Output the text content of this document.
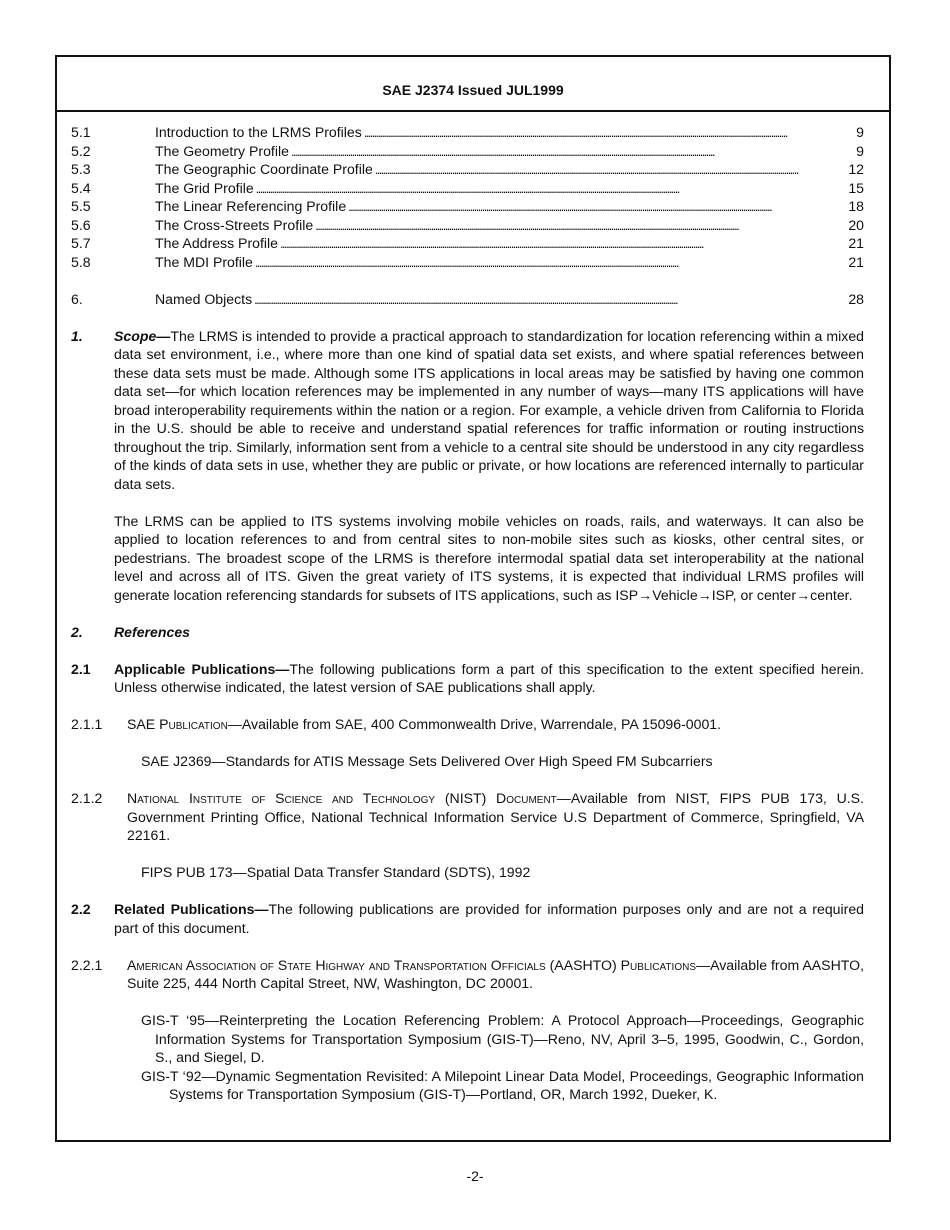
SAE J2374 Issued JUL1999
5.1	Introduction to the LRMS Profiles . . .	9
5.2	The Geometry Profile . . .	9
5.3	The Geographic Coordinate Profile . . .	12
5.4	The Grid Profile . . .	15
5.5	The Linear Referencing Profile . . .	18
5.6	The Cross-Streets Profile . . .	20
5.7	The Address Profile . . .	21
5.8	The MDI Profile . . .	21
6.	Named Objects . . .	28
1.	Scope—The LRMS is intended to provide a practical approach to standardization for location referencing within a mixed data set environment, i.e., where more than one kind of spatial data set exists, and where spatial references between these data sets must be made. Although some ITS applications in local areas may be satisfied by having one common data set—for which location references may be implemented in any number of ways—many ITS applications will have broad interoperability requirements within the nation or a region. For example, a vehicle driven from California to Florida in the U.S. should be able to receive and understand spatial references for traffic information or routing instructions throughout the trip. Similarly, information sent from a vehicle to a central site should be understood in any city regardless of the kinds of data sets in use, whether they are public or private, or how locations are referenced internally to particular data sets.
The LRMS can be applied to ITS systems involving mobile vehicles on roads, rails, and waterways. It can also be applied to location references to and from central sites to non-mobile sites such as kiosks, other central sites, or pedestrians. The broadest scope of the LRMS is therefore intermodal spatial data set interoperability at the national level and across all of ITS. Given the great variety of ITS systems, it is expected that individual LRMS profiles will generate location referencing standards for subsets of ITS applications, such as ISP→Vehicle→ISP, or center→center.
2.	References
2.1	Applicable Publications—The following publications form a part of this specification to the extent specified herein. Unless otherwise indicated, the latest version of SAE publications shall apply.
2.1.1	SAE Publication—Available from SAE, 400 Commonwealth Drive, Warrendale, PA 15096-0001.
SAE J2369—Standards for ATIS Message Sets Delivered Over High Speed FM Subcarriers
2.1.2	National Institute of Science and Technology (NIST) Document—Available from NIST, FIPS PUB 173, U.S. Government Printing Office, National Technical Information Service U.S Department of Commerce, Springfield, VA 22161.
FIPS PUB 173—Spatial Data Transfer Standard (SDTS), 1992
2.2	Related Publications—The following publications are provided for information purposes only and are not a required part of this document.
2.2.1	American Association of State Highway and Transportation Officials (AASHTO) Publications—Available from AASHTO, Suite 225, 444 North Capital Street, NW, Washington, DC 20001.
GIS-T ‘95—Reinterpreting the Location Referencing Problem: A Protocol Approach—Proceedings, Geographic Information Systems for Transportation Symposium (GIS-T)—Reno, NV, April 3–5, 1995, Goodwin, C., Gordon, S., and Siegel, D.
GIS-T ‘92—Dynamic Segmentation Revisited: A Milepoint Linear Data Model, Proceedings, Geographic Information Systems for Transportation Symposium (GIS-T)—Portland, OR, March 1992, Dueker, K.
-2-
